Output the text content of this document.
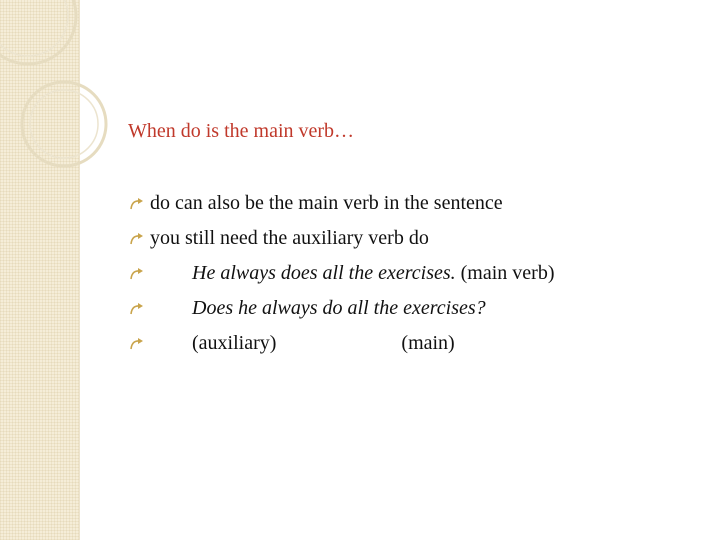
When do is the main verb…
do can also be the main verb in the sentence
you still need the auxiliary verb do
He always does all the exercises. (main verb)
Does he always do all the exercises?
(auxiliary)	(main)
